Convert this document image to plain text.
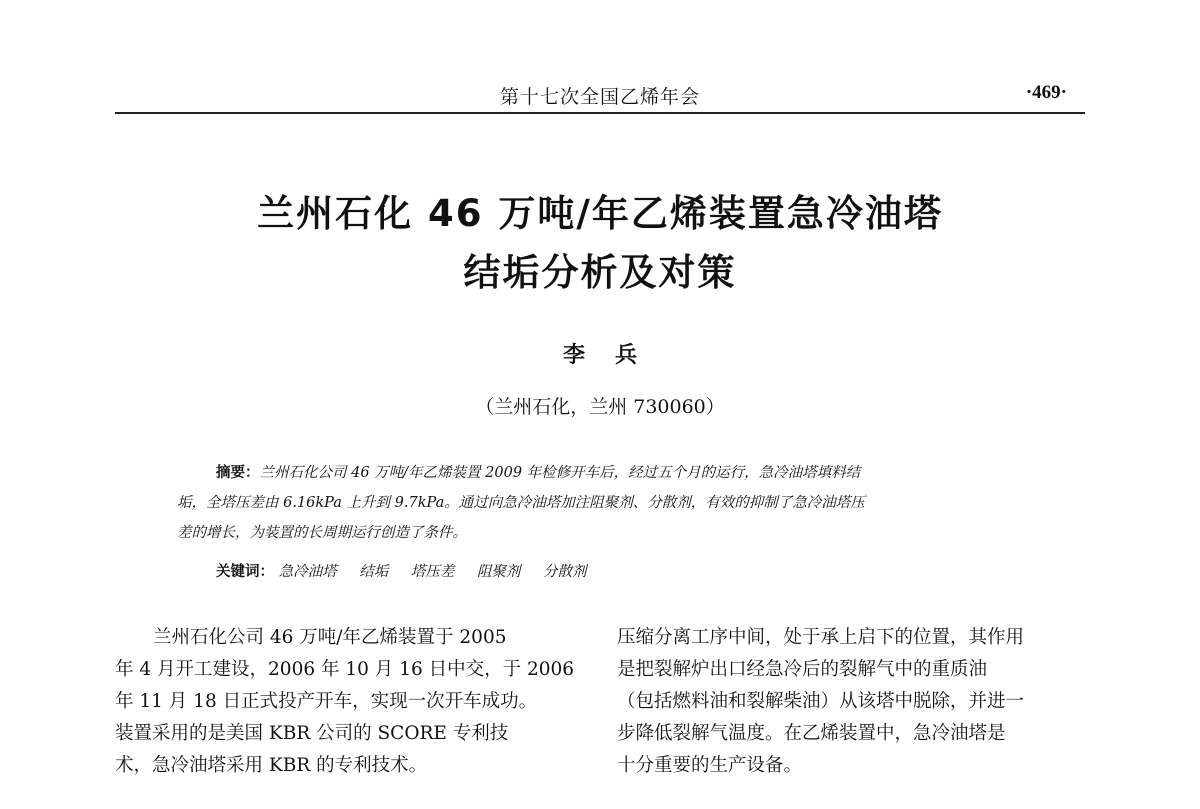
第十七次全国乙烯年会	·469·
兰州石化 46 万吨/年乙烯装置急冷油塔
结垢分析及对策
李兵
（兰州石化，兰州 730060）

摘要：兰州石化公司 46 万吨/年乙烯装置 2009 年检修开车后，经过五个月的运行，急冷油塔填料结

垢，全塔压差由 6.16kPa 上升到 9.7kPa。通过向急冷油塔加注阻聚剂、分散剂，有效的抑制了急冷油塔压

差的增长，为装置的长周期运行创造了条件。

关键词： 急冷油塔 结垢 塔压差 阻聚剂 分散剂

兰州石化公司 46 万吨/年乙烯装置于 2005

年 4 月开工建设，2006 年 10 月 16 日中交，于 2006

年 11 月 18 日正式投产开车，实现一次开车成功。

装置采用的是美国 KBR 公司的 SCORE 专利技

术，急冷油塔采用 KBR 的专利技术。

压缩分离工序中间，处于承上启下的位置，其作用

是把裂解炉出口经急冷后的裂解气中的重质油

（包括燃料油和裂解柴油）从该塔中脱除，并进一

步降低裂解气温度。在乙烯装置中，急冷油塔是

十分重要的生产设备。
